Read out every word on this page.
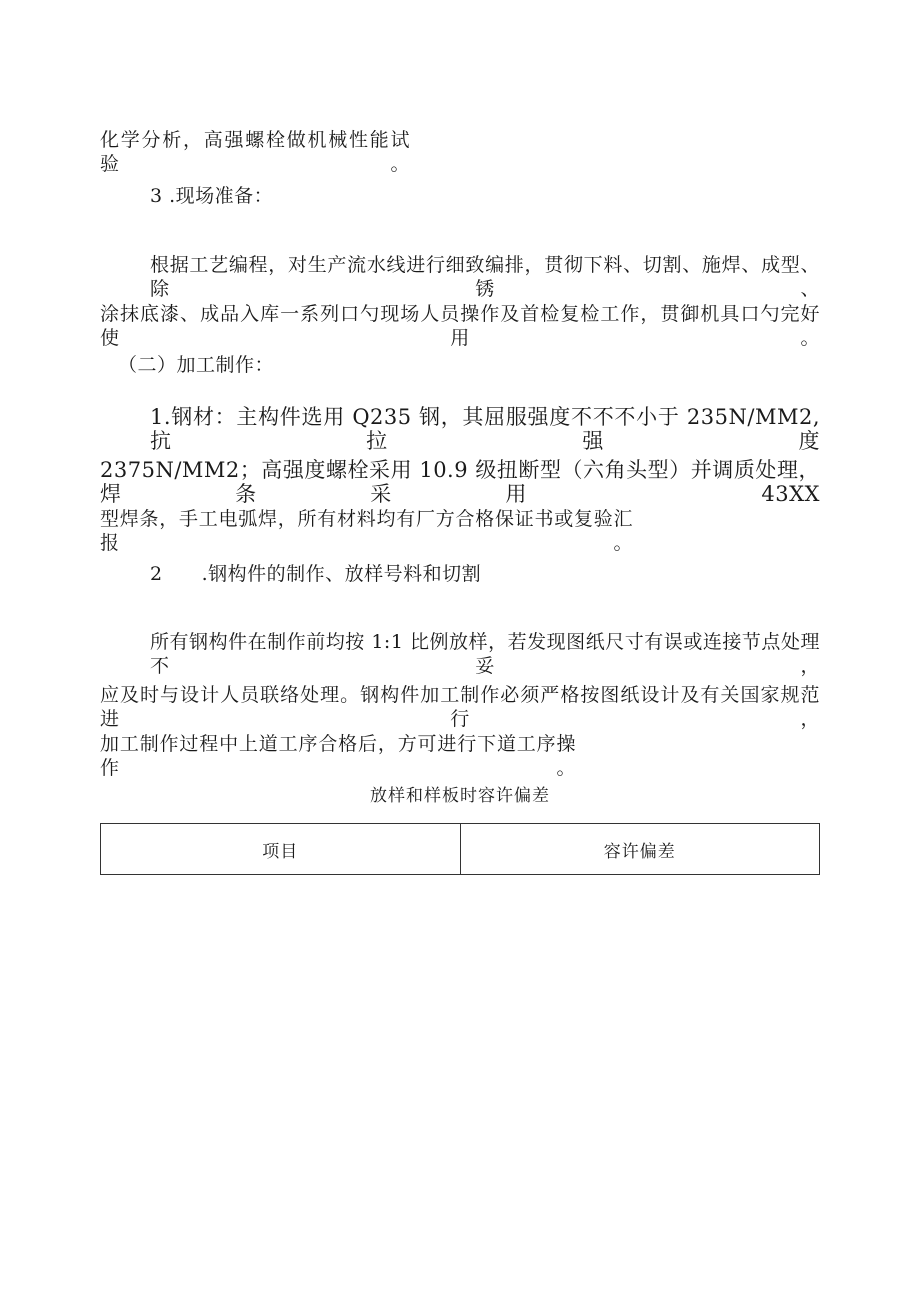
化学分析，高强螺栓做机械性能试验。
3 .现场准备：
根据工艺编程，对生产流水线进行细致编排，贯彻下料、切割、施焊、成型、除锈、
涂抹底漆、成品入库一系列口勺现场人员操作及首检复检工作，贯御机具口勺完好使用。
（二）加工制作：
1.钢材：主构件选用 Q235 钢，其屈服强度不不不小于 235N/MM2,抗拉强度
2375N/MM2；高强度螺栓采用 10.9 级扭断型（六角头型）并调质处理，焊条采用 43XX
型焊条，手工电弧焊，所有材料均有厂方合格保证书或复验汇报。
2　　.钢构件的制作、放样号料和切割
所有钢构件在制作前均按 1:1 比例放样，若发现图纸尺寸有误或连接节点处理不妥，
应及时与设计人员联络处理。钢构件加工制作必须严格按图纸设计及有关国家规范进行，
加工制作过程中上道工序合格后，方可进行下道工序操作。
放样和样板时容许偏差
项目	容许偏差
